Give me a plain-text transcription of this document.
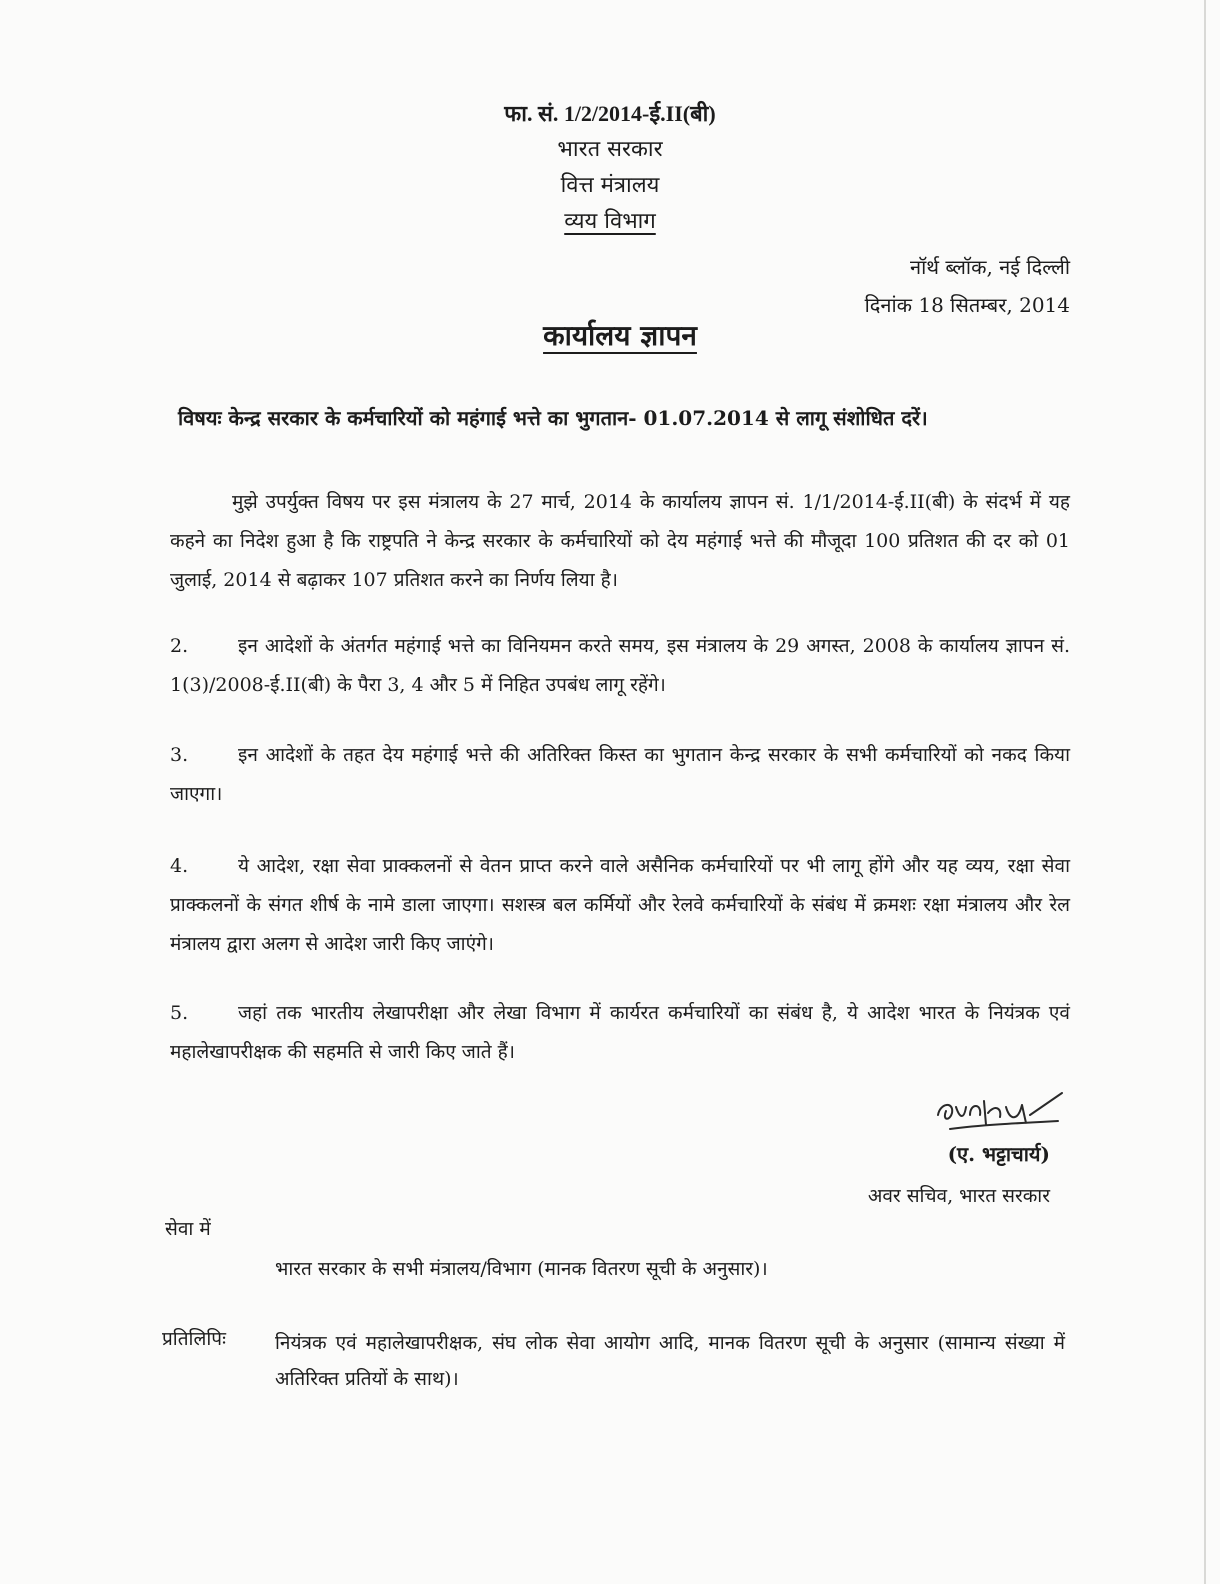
फा. सं. 1/2/2014-ई.II(बी)
भारत सरकार
वित्त मंत्रालय
व्यय विभाग
नॉर्थ ब्लॉक, नई दिल्ली
दिनांक 18 सितम्बर, 2014
कार्यालय ज्ञापन
विषयः केन्द्र सरकार के कर्मचारियों को महंगाई भत्ते का भुगतान- 01.07.2014 से लागू संशोधित दरें।
मुझे उपर्युक्त विषय पर इस मंत्रालय के 27 मार्च, 2014 के कार्यालय ज्ञापन सं. 1/1/2014-ई.II(बी) के संदर्भ में यह कहने का निदेश हुआ है कि राष्ट्रपति ने केन्द्र सरकार के कर्मचारियों को देय महंगाई भत्ते की मौजूदा 100 प्रतिशत की दर को 01 जुलाई, 2014 से बढ़ाकर 107 प्रतिशत करने का निर्णय लिया है।
2.	इन आदेशों के अंतर्गत महंगाई भत्ते का विनियमन करते समय, इस मंत्रालय के 29 अगस्त, 2008 के कार्यालय ज्ञापन सं. 1(3)/2008-ई.II(बी) के पैरा 3, 4 और 5 में निहित उपबंध लागू रहेंगे।
3.	इन आदेशों के तहत देय महंगाई भत्ते की अतिरिक्त किस्त का भुगतान केन्द्र सरकार के सभी कर्मचारियों को नकद किया जाएगा।
4.	ये आदेश, रक्षा सेवा प्राक्कलनों से वेतन प्राप्त करने वाले असैनिक कर्मचारियों पर भी लागू होंगे और यह व्यय, रक्षा सेवा प्राक्कलनों के संगत शीर्ष के नामे डाला जाएगा। सशस्त्र बल कर्मियों और रेलवे कर्मचारियों के संबंध में क्रमशः रक्षा मंत्रालय और रेल मंत्रालय द्वारा अलग से आदेश जारी किए जाएंगे।
5.	जहां तक भारतीय लेखापरीक्षा और लेखा विभाग में कार्यरत कर्मचारियों का संबंध है, ये आदेश भारत के नियंत्रक एवं महालेखापरीक्षक की सहमति से जारी किए जाते हैं।
(ए. भट्टाचार्य)
अवर सचिव, भारत सरकार
सेवा में
भारत सरकार के सभी मंत्रालय/विभाग (मानक वितरण सूची के अनुसार)।
प्रतिलिपिः	नियंत्रक एवं महालेखापरीक्षक, संघ लोक सेवा आयोग आदि, मानक वितरण सूची के अनुसार (सामान्य संख्या में अतिरिक्त प्रतियों के साथ)।
